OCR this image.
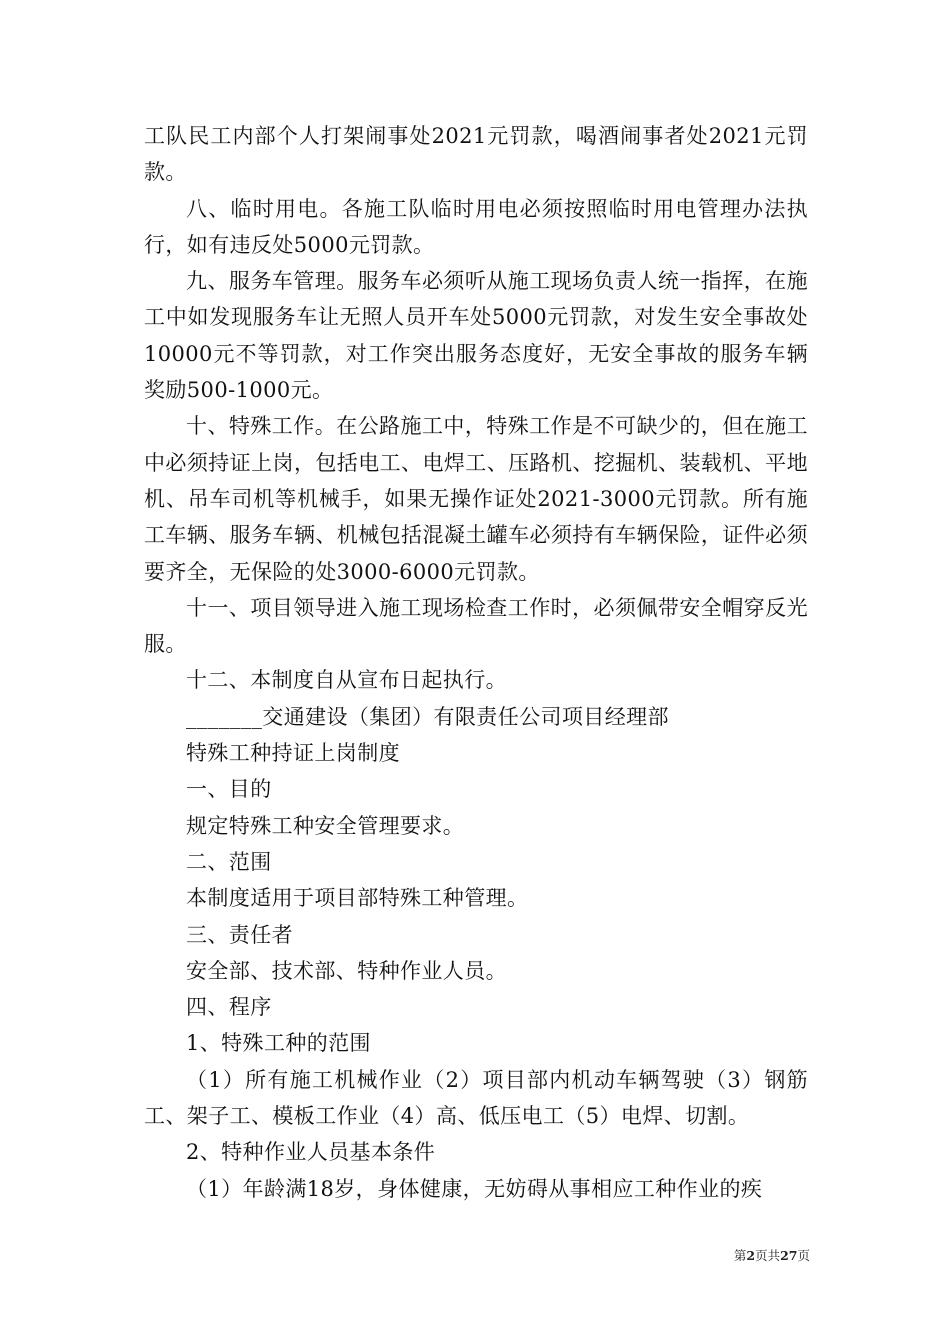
工队民工内部个人打架闹事处2021元罚款，喝酒闹事者处2021元罚款。

八、临时用电。各施工队临时用电必须按照临时用电管理办法执行，如有违反处5000元罚款。

九、服务车管理。服务车必须听从施工现场负责人统一指挥，在施工中如发现服务车让无照人员开车处5000元罚款，对发生安全事故处10000元不等罚款，对工作突出服务态度好，无安全事故的服务车辆奖励500-1000元。

十、特殊工作。在公路施工中，特殊工作是不可缺少的，但在施工中必须持证上岗，包括电工、电焊工、压路机、挖掘机、装载机、平地机、吊车司机等机械手，如果无操作证处2021-3000元罚款。所有施工车辆、服务车辆、机械包括混凝土罐车必须持有车辆保险，证件必须要齐全，无保险的处3000-6000元罚款。

十一、项目领导进入施工现场检查工作时，必须佩带安全帽穿反光服。

十二、本制度自从宣布日起执行。

_______交通建设（集团）有限责任公司项目经理部

特殊工种持证上岗制度

一、目的

规定特殊工种安全管理要求。

二、范围

本制度适用于项目部特殊工种管理。

三、责任者

安全部、技术部、特种作业人员。

四、程序

1、特殊工种的范围

（1）所有施工机械作业（2）项目部内机动车辆驾驶（3）钢筋工、架子工、模板工作业（4）高、低压电工（5）电焊、切割。

2、特种作业人员基本条件

（1）年龄满18岁，身体健康，无妨碍从事相应工种作业的疾

第2页共27页
